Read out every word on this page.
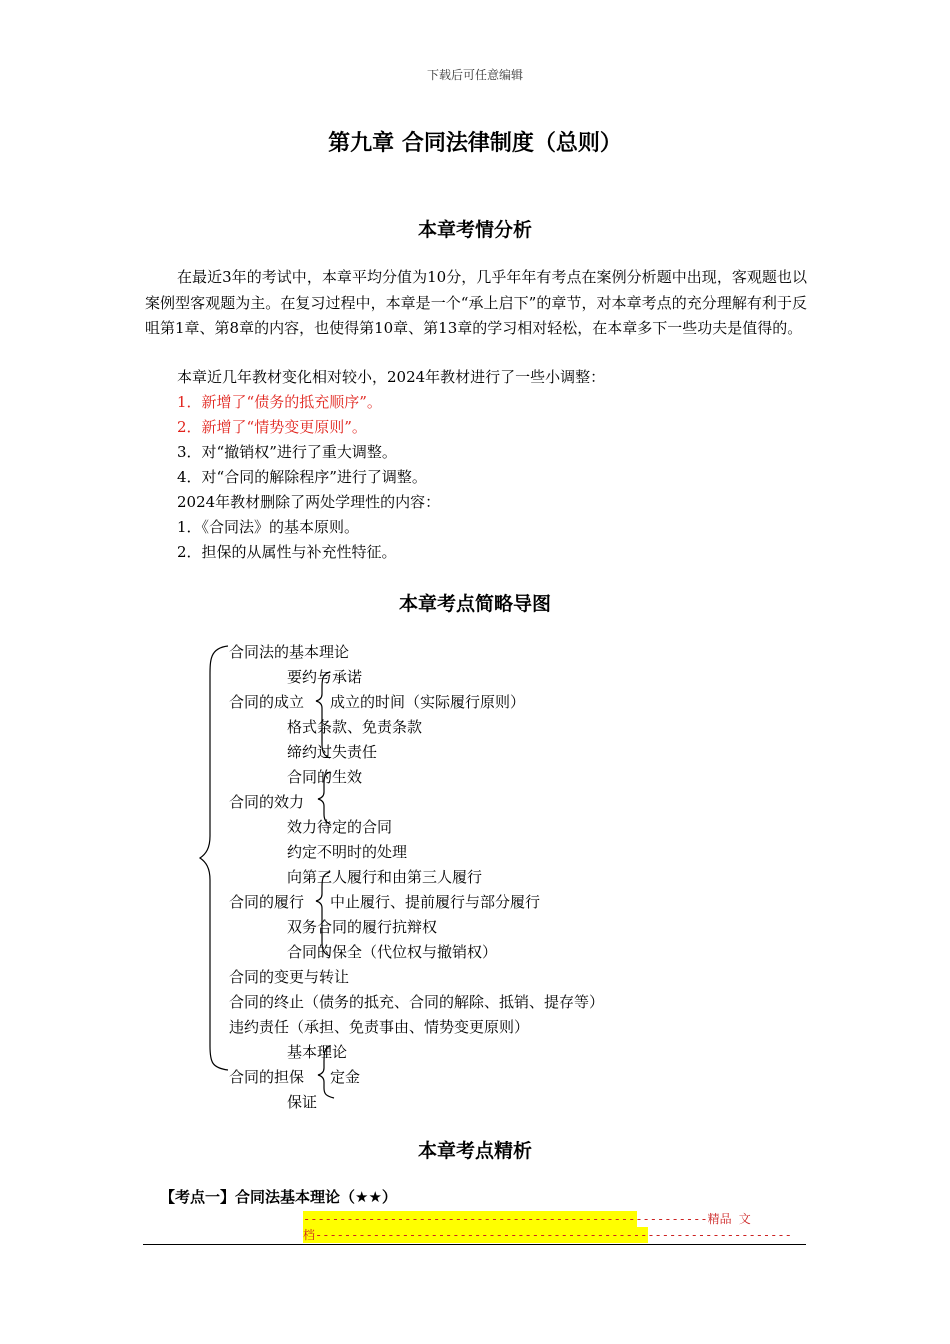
下载后可任意编辑
第九章 合同法律制度（总则）
本章考情分析
在最近3年的考试中，本章平均分值为10分，几乎年年有考点在案例分析题中出现，客观题也以案例型客观题为主。在复习过程中，本章是一个“承上启下”的章节，对本章考点的充分理解有利于反咀第1章、第8章的内容，也使得第10章、第13章的学习相对轻松，在本章多下一些功夫是值得的。
本章近几年教材变化相对较小，2024年教材进行了一些小调整：
1．新增了“债务的抵充顺序”。
2．新增了“情势变更原则”。
3．对“撤销权”进行了重大调整。
4．对“合同的解除程序”进行了调整。
2024年教材删除了两处学理性的内容：
1．《合同法》的基本原则。
2．担保的从属性与补充性特征。
本章考点简略导图
合同法的基本理论
要约与承诺
合同的成立 成立的时间（实际履行原则）
格式条款、免责条款
缔约过失责任
合同的生效
合同的效力
效力待定的合同
约定不明时的处理
向第三人履行和由第三人履行
合同的履行 中止履行、提前履行与部分履行
双务合同的履行抗辩权
合同的保全（代位权与撤销权）
合同的变更与转让
合同的终止（债务的抵充、合同的解除、抵销、提存等）
违约责任（承担、免责事由、情势变更原则）
基本理论
合同的担保 定金
保证
本章考点精析
【考点一】合同法基本理论（★★）
--------------------------------------------------------精品 文
档------------------------------------------------------------------
